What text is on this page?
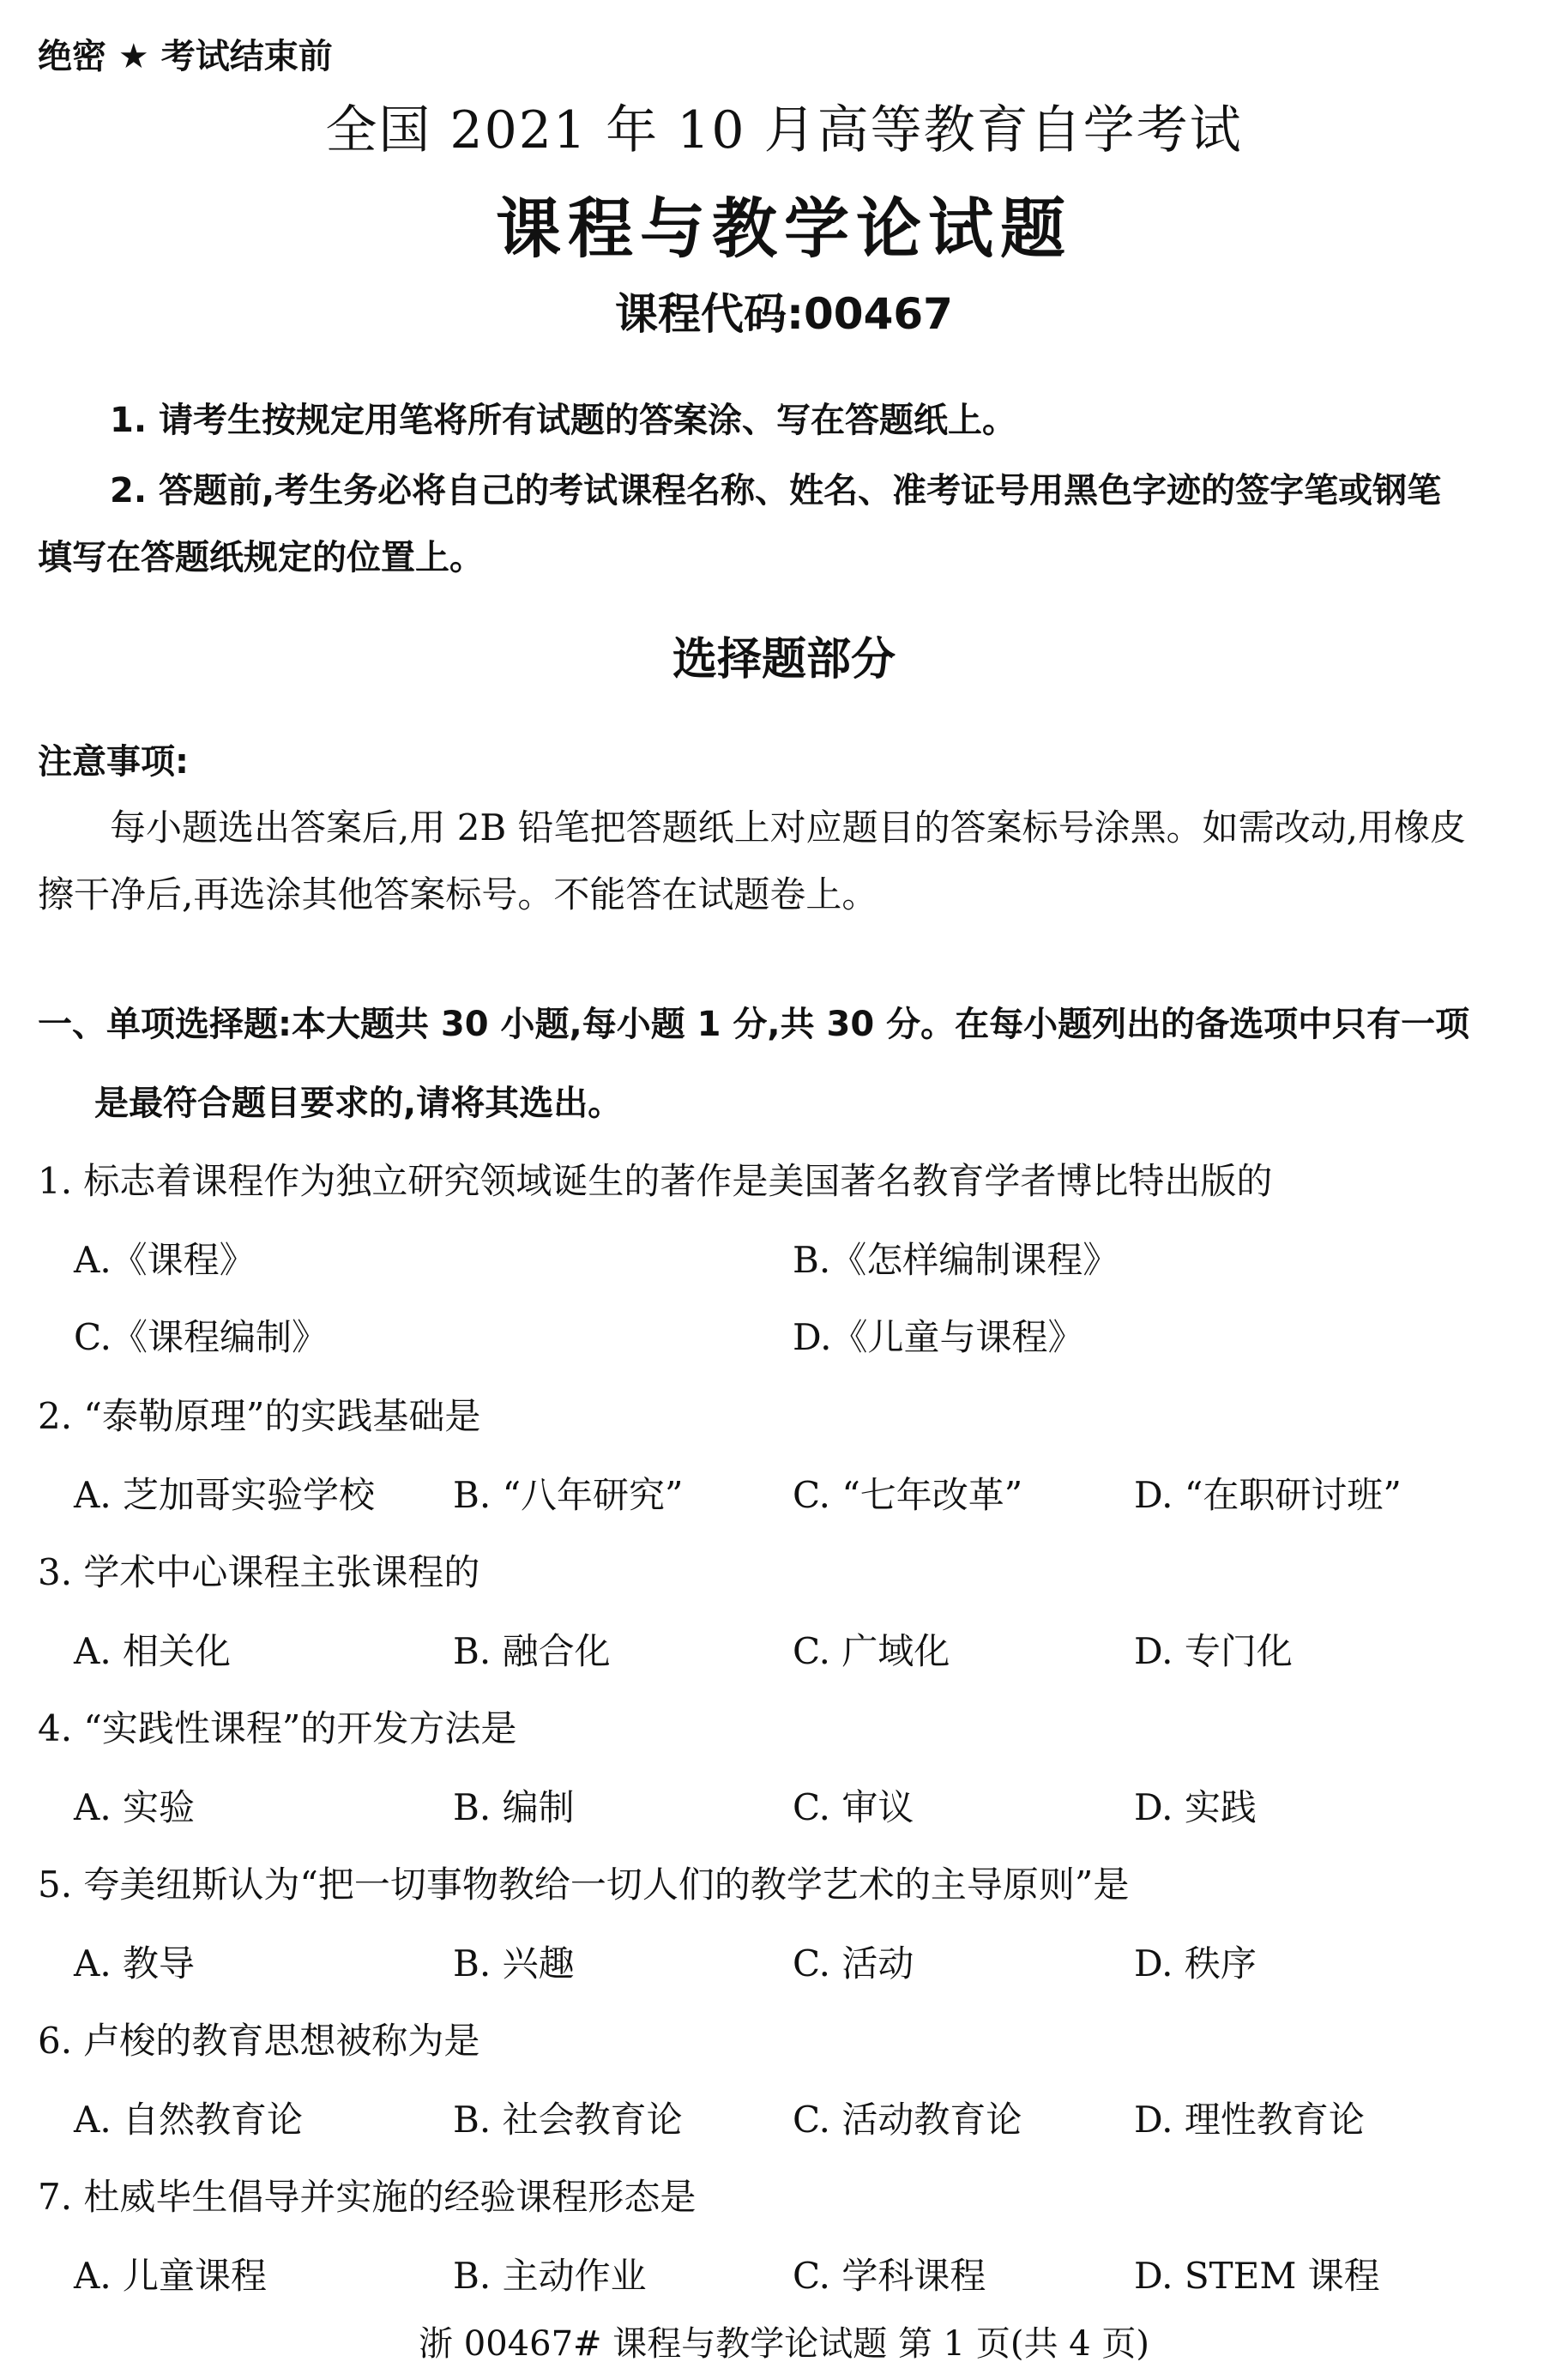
绝密 ★ 考试结束前
全国 2021 年 10 月高等教育自学考试
课程与教学论试题
课程代码:00467
1. 请考生按规定用笔将所有试题的答案涂、写在答题纸上。
2. 答题前,考生务必将自己的考试课程名称、姓名、准考证号用黑色字迹的签字笔或钢笔
填写在答题纸规定的位置上。
选择题部分
注意事项:
每小题选出答案后,用 2B 铅笔把答题纸上对应题目的答案标号涂黑。如需改动,用橡皮
擦干净后,再选涂其他答案标号。不能答在试题卷上。
一、单项选择题:本大题共 30 小题,每小题 1 分,共 30 分。在每小题列出的备选项中只有一项
是最符合题目要求的,请将其选出。
1. 标志着课程作为独立研究领域诞生的著作是美国著名教育学者博比特出版的
A.《课程》	B.《怎样编制课程》
C.《课程编制》	D.《儿童与课程》
2. “泰勒原理”的实践基础是
A. 芝加哥实验学校 B. “八年研究”	C. “七年改革”	D. “在职研讨班”
3. 学术中心课程主张课程的
A. 相关化	B. 融合化	C. 广域化	D. 专门化
4. “实践性课程”的开发方法是
A. 实验	B. 编制	C. 审议	D. 实践
5. 夸美纽斯认为“把一切事物教给一切人们的教学艺术的主导原则”是
A. 教导	B. 兴趣	C. 活动	D. 秩序
6. 卢梭的教育思想被称为是
A. 自然教育论	B. 社会教育论	C. 活动教育论	D. 理性教育论
7. 杜威毕生倡导并实施的经验课程形态是
A. 儿童课程	B. 主动作业	C. 学科课程	D. STEM 课程
浙 00467# 课程与教学论试题 第 1 页(共 4 页)
